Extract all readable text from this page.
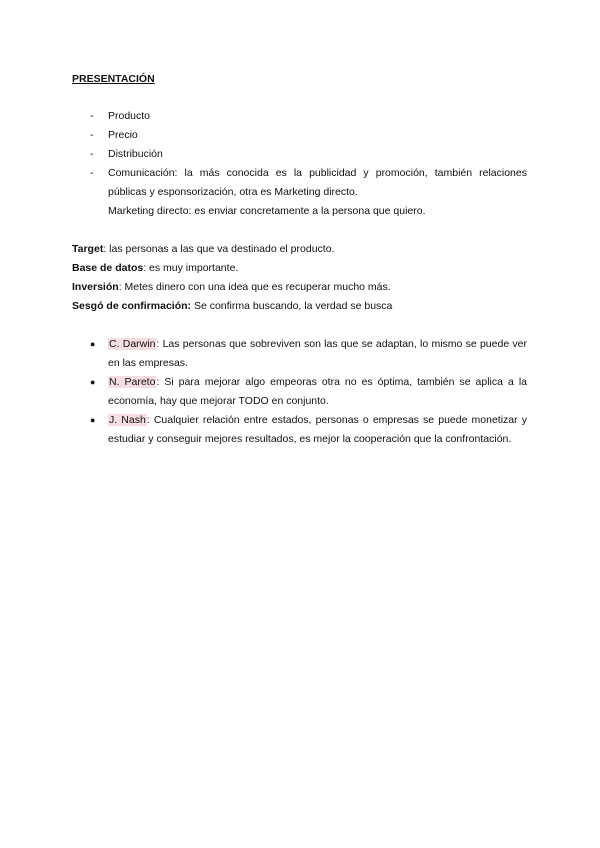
PRESENTACIÓN

- Producto
- Precio
- Distribución
- Comunicación: la más conocida es la publicidad y promoción, también relaciones públicas y esponsorización, otra es Marketing directo.
Marketing directo: es enviar concretamente a la persona que quiero.

Target: las personas a las que va destinado el producto.

Base de datos: es muy importante.

Inversión: Metes dinero con una idea que es recuperar mucho más.

Sesgó de confirmación: Se confirma buscando, la verdad se busca

● C. Darwin: Las personas que sobreviven son las que se adaptan, lo mismo se puede ver en las empresas.
● N. Pareto: Si para mejorar algo empeoras otra no es óptima, también se aplica a la economía, hay que mejorar TODO en conjunto.
● J. Nash: Cualquier relación entre estados, personas o empresas se puede monetizar y estudiar y conseguir mejores resultados, es mejor la cooperación que la confrontación.
